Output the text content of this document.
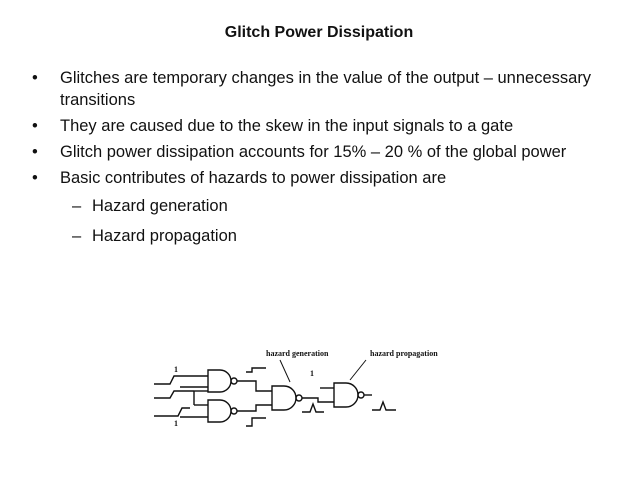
Glitch Power Dissipation
• Glitches are temporary changes in the value of the output – unnecessary transitions
• They are caused due to the skew in the input signals to a gate
• Glitch power dissipation accounts for 15% – 20 % of the global power
• Basic contributes of hazards to power dissipation are
– Hazard generation
– Hazard propagation
hazard generation	hazard propagation
1
1
1
